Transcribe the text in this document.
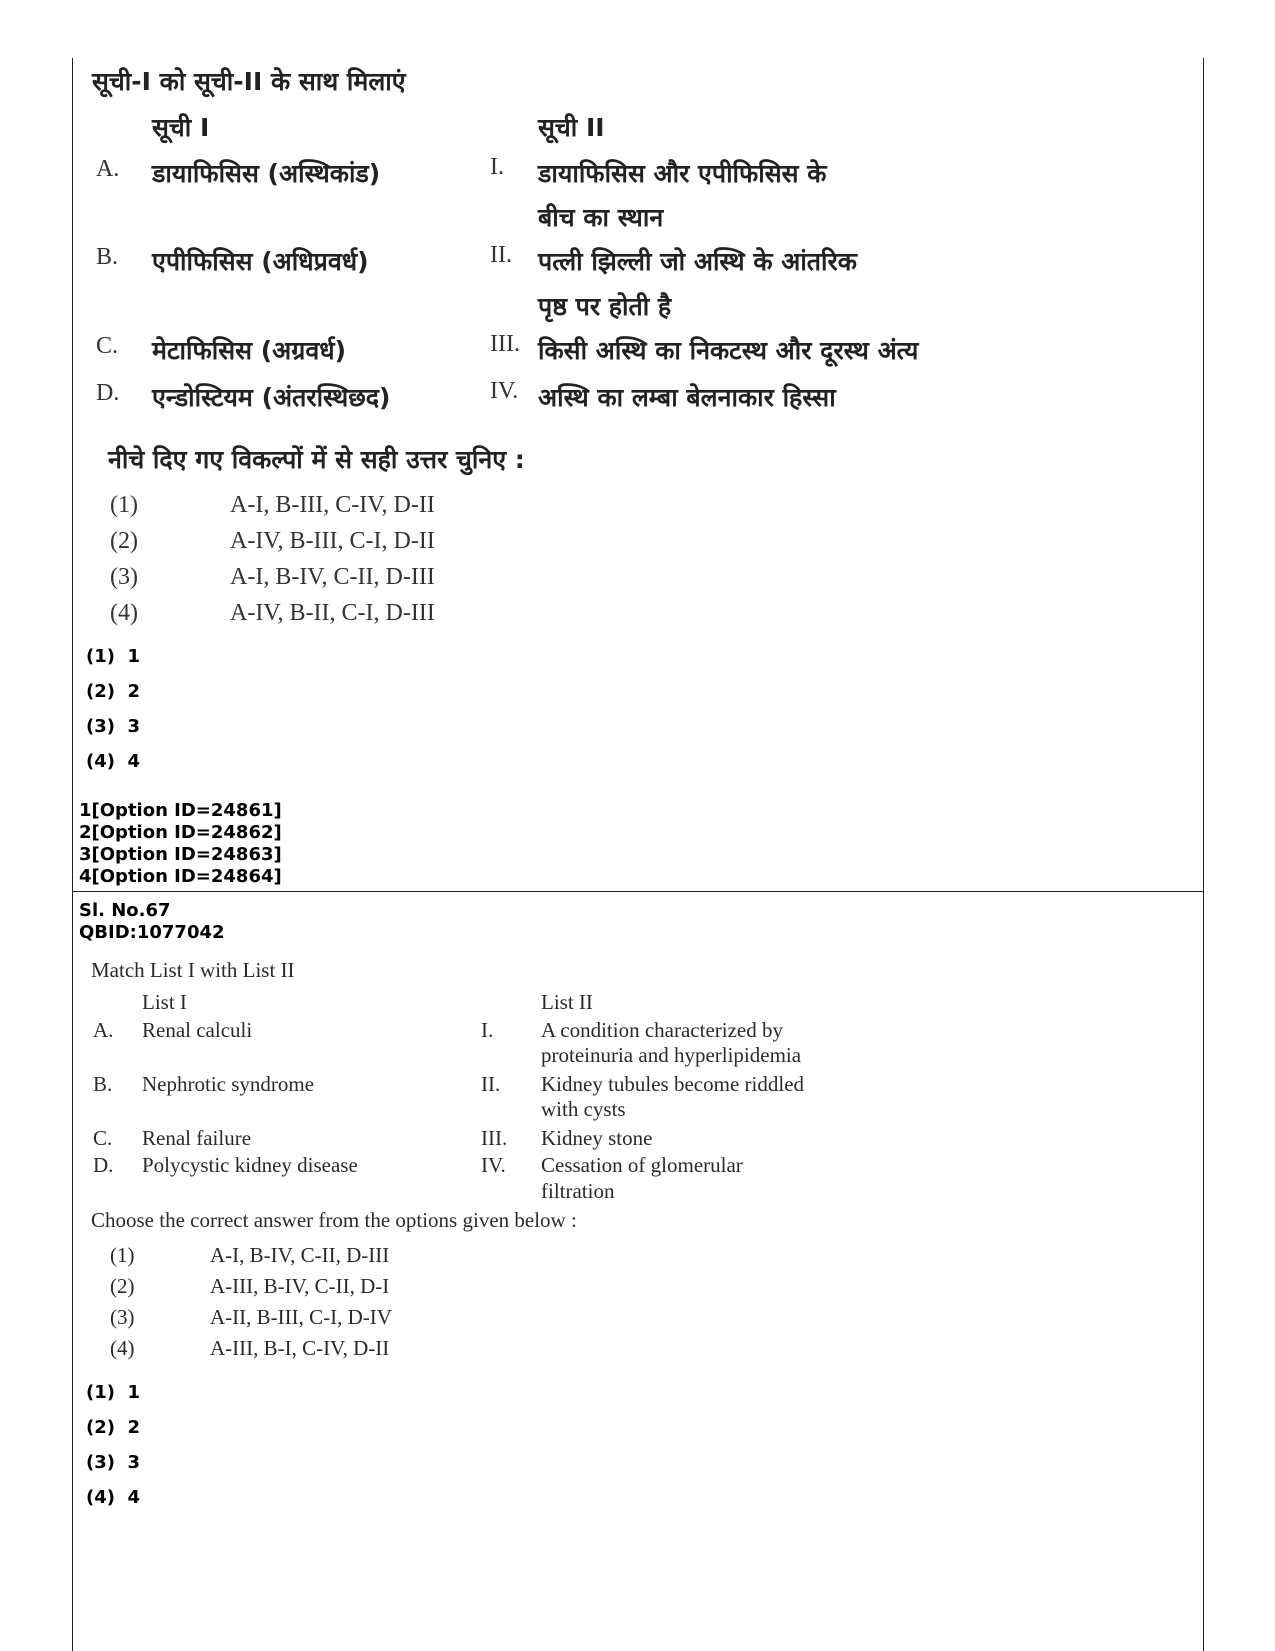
सूची-I को सूची-II के साथ मिलाएं
सूची I	सूची II
A. डायाफिसिस (अस्थिकांड)	I. डायाफिसिस और एपीफिसिस के
बीच का स्थान
B. एपीफिसिस (अधिप्रवर्ध)	II. पत्ली झिल्ली जो अस्थि के आंतरिक
पृष्ठ पर होती है
C. मेटाफिसिस (अग्रवर्ध)	III. किसी अस्थि का निकटस्थ और दूरस्थ अंत्य
D. एन्डोस्टियम (अंतरस्थिछद)	IV. अस्थि का लम्बा बेलनाकार हिस्सा
नीचे दिए गए विकल्पों में से सही उत्तर चुनिए :
(1)	A-I, B-III, C-IV, D-II
(2)	A-IV, B-III, C-I, D-II
(3)	A-I, B-IV, C-II, D-III
(4)	A-IV, B-II, C-I, D-III
(1) 1
(2) 2
(3) 3
(4) 4
1[Option ID=24861]
2[Option ID=24862]
3[Option ID=24863]
4[Option ID=24864]
Sl. No.67
QBID:1077042
Match List I with List II
List I	List II
A. Renal calculi	I. A condition characterized by
proteinuria and hyperlipidemia
B. Nephrotic syndrome	II. Kidney tubules become riddled
with cysts
C. Renal failure	III. Kidney stone
D. Polycystic kidney disease	IV. Cessation of glomerular
filtration
Choose the correct answer from the options given below :
(1)	A-I, B-IV, C-II, D-III
(2)	A-III, B-IV, C-II, D-I
(3)	A-II, B-III, C-I, D-IV
(4)	A-III, B-I, C-IV, D-II
(1) 1
(2) 2
(3) 3
(4) 4
